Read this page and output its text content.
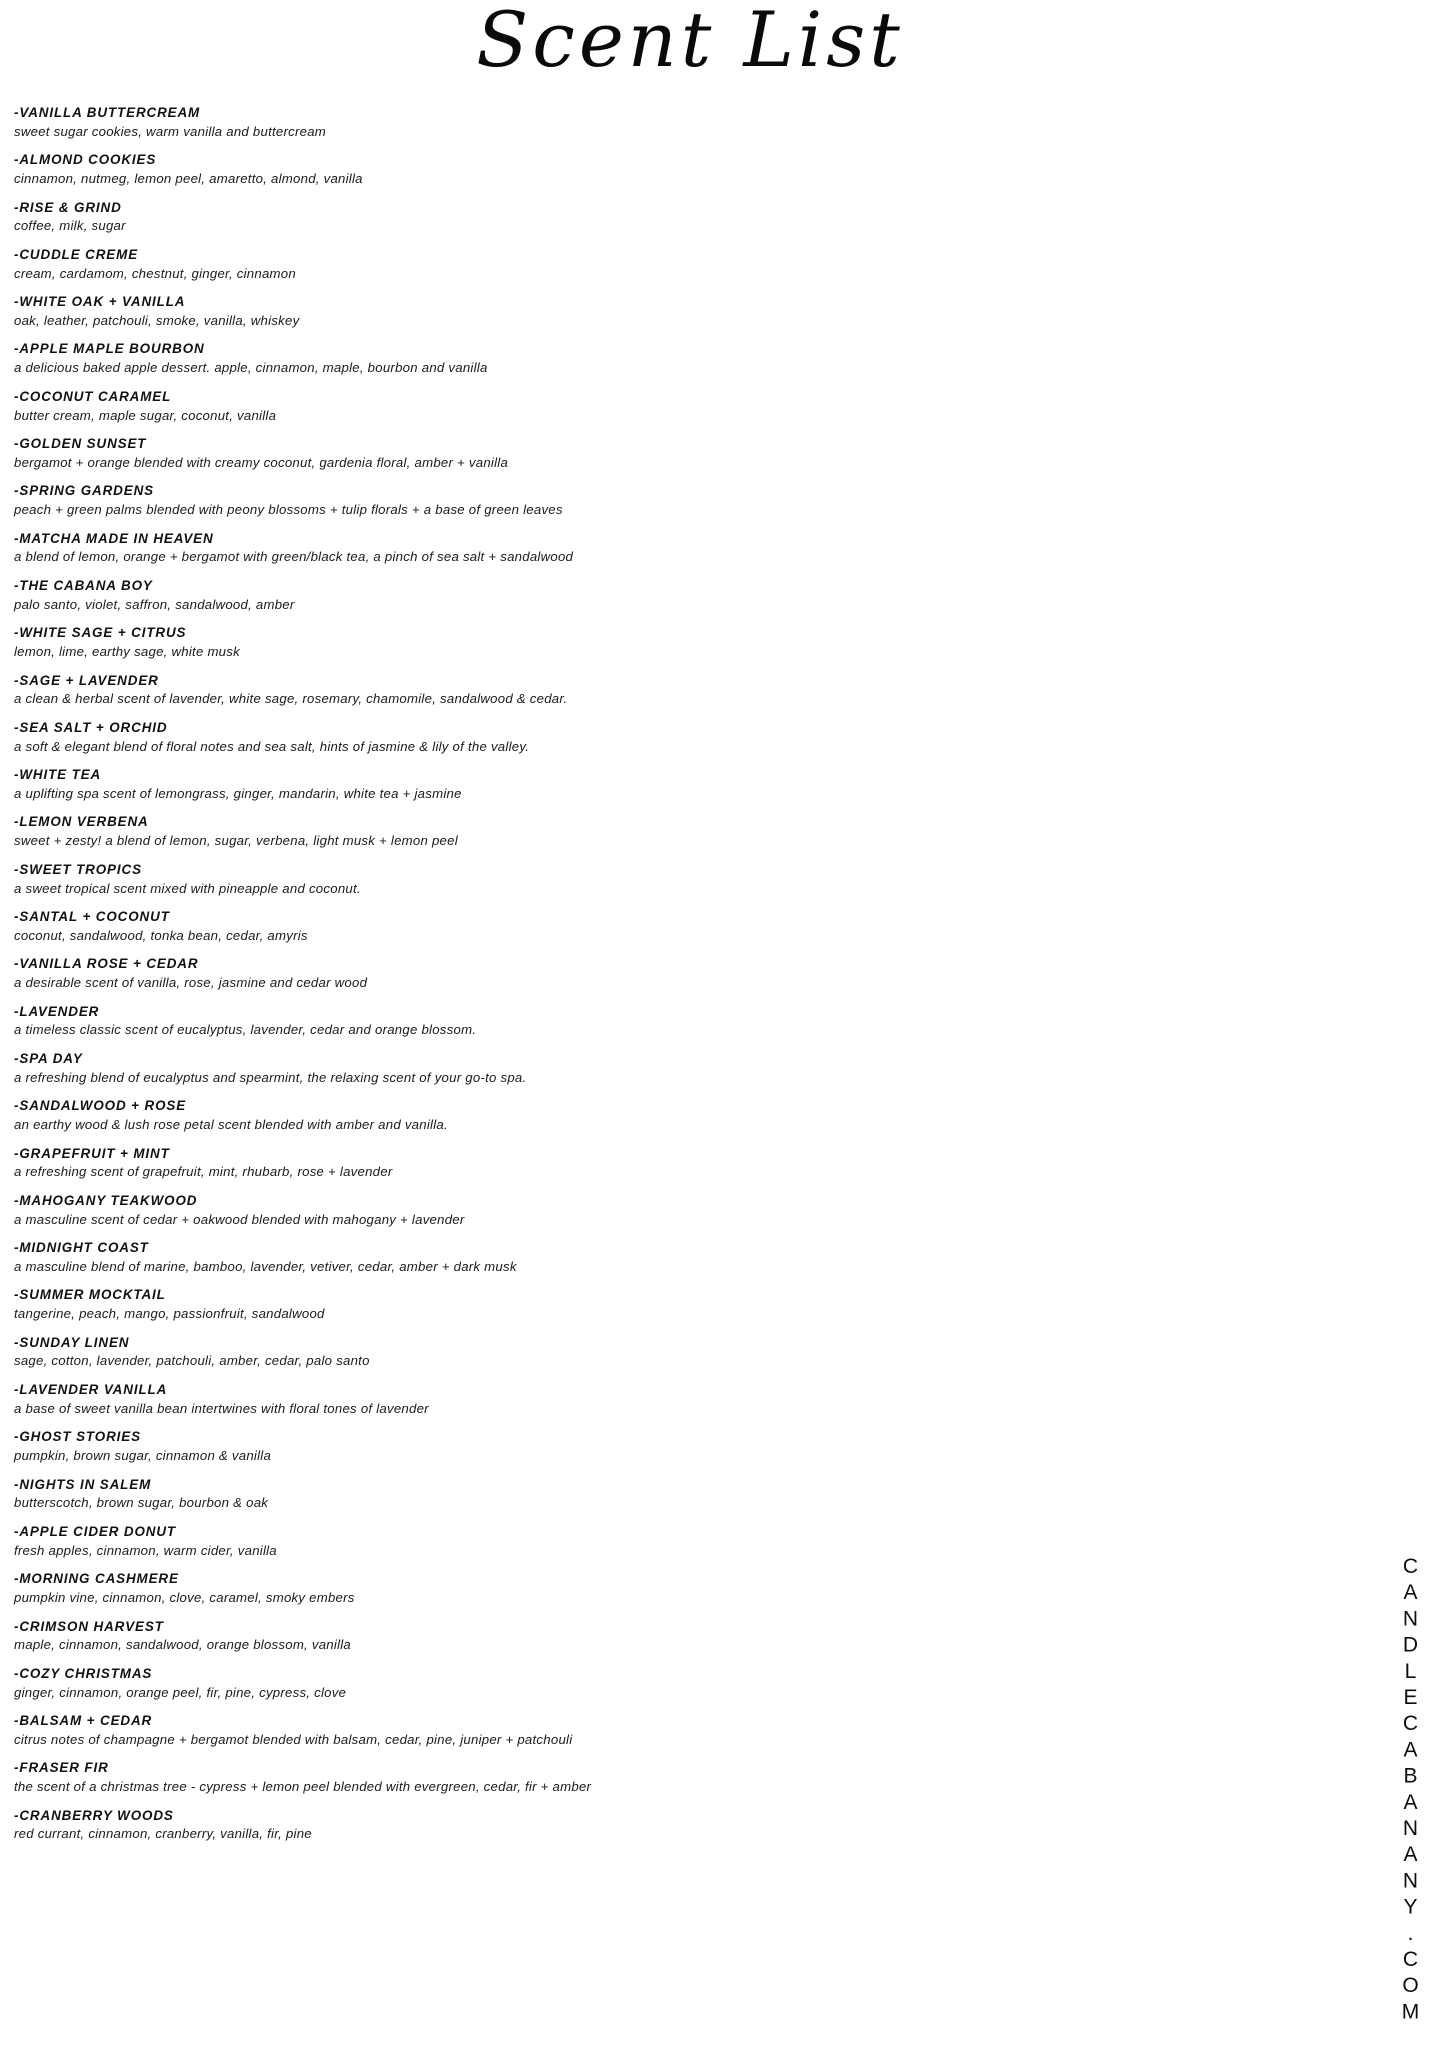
Scent List
-VANILLA BUTTERCREAM
sweet sugar cookies, warm vanilla and buttercream
-ALMOND COOKIES
cinnamon, nutmeg, lemon peel, amaretto, almond, vanilla
-RISE & GRIND
coffee, milk, sugar
-CUDDLE CREME
cream, cardamom, chestnut, ginger, cinnamon
-WHITE OAK + VANILLA
oak, leather, patchouli, smoke, vanilla, whiskey
-APPLE MAPLE BOURBON
a delicious baked apple dessert. apple, cinnamon, maple, bourbon and vanilla
-COCONUT CARAMEL
butter cream, maple sugar, coconut, vanilla
-GOLDEN SUNSET
bergamot + orange blended with creamy coconut, gardenia floral, amber + vanilla
-SPRING GARDENS
peach + green palms blended with peony blossoms + tulip florals + a base of green leaves
-MATCHA MADE IN HEAVEN
a blend of lemon, orange + bergamot with green/black tea, a pinch of sea salt + sandalwood
-THE CABANA BOY
palo santo, violet, saffron, sandalwood, amber
-WHITE SAGE + CITRUS
lemon, lime, earthy sage, white musk
-SAGE + LAVENDER
a clean & herbal scent of lavender, white sage, rosemary, chamomile, sandalwood & cedar.
-SEA SALT + ORCHID
a soft & elegant blend of floral notes and sea salt, hints of jasmine & lily of the valley.
-WHITE TEA
a uplifting spa scent of lemongrass, ginger, mandarin, white tea + jasmine
-LEMON VERBENA
sweet + zesty! a blend of lemon, sugar, verbena, light musk + lemon peel
-SWEET TROPICS
a sweet tropical scent mixed with pineapple and coconut.
-SANTAL + COCONUT
coconut, sandalwood, tonka bean, cedar, amyris
-VANILLA ROSE + CEDAR
a desirable scent of vanilla, rose, jasmine and cedar wood
-LAVENDER
a timeless classic scent of eucalyptus, lavender, cedar and orange blossom.
-SPA DAY
a refreshing blend of eucalyptus and spearmint, the relaxing scent of your go-to spa.
-SANDALWOOD + ROSE
an earthy wood & lush rose petal scent blended with amber and vanilla.
-GRAPEFRUIT + MINT
a refreshing scent of grapefruit, mint, rhubarb, rose + lavender
-MAHOGANY TEAKWOOD
a masculine scent of cedar + oakwood blended with mahogany + lavender
-MIDNIGHT COAST
a masculine blend of marine, bamboo, lavender, vetiver, cedar, amber + dark musk
-SUMMER MOCKTAIL
tangerine, peach, mango, passionfruit, sandalwood
-SUNDAY LINEN
sage, cotton, lavender, patchouli, amber, cedar, palo santo
-LAVENDER VANILLA
a base of sweet vanilla bean intertwines with floral tones of lavender
-GHOST STORIES
pumpkin, brown sugar, cinnamon & vanilla
-NIGHTS IN SALEM
butterscotch, brown sugar, bourbon & oak
-APPLE CIDER DONUT
fresh apples, cinnamon, warm cider, vanilla
-MORNING CASHMERE
pumpkin vine, cinnamon, clove, caramel, smoky embers
-CRIMSON HARVEST
maple, cinnamon, sandalwood, orange blossom, vanilla
-COZY CHRISTMAS
ginger, cinnamon, orange peel, fir, pine, cypress, clove
-BALSAM + CEDAR
citrus notes of champagne + bergamot blended with balsam, cedar, pine, juniper + patchouli
-FRASER FIR
the scent of a christmas tree - cypress + lemon peel blended with evergreen, cedar, fir + amber
-CRANBERRY WOODS
red currant, cinnamon, cranberry, vanilla, fir, pine	CANDLECABANANY.COM
